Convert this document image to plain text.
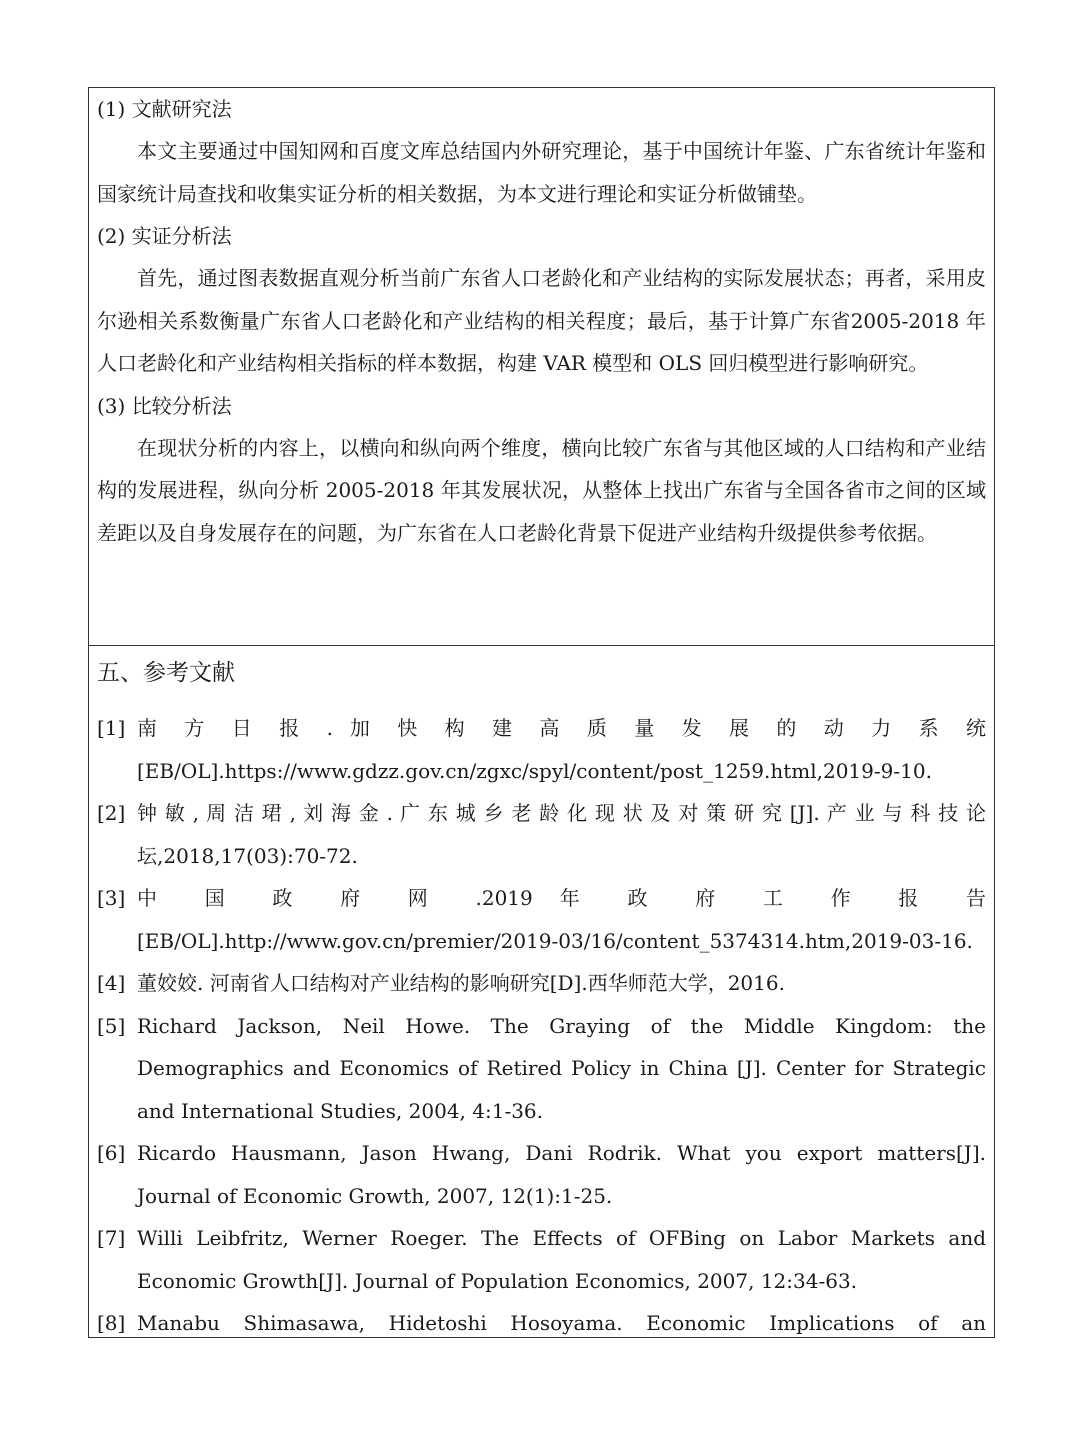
(1) 文献研究法

本文主要通过中国知网和百度文库总结国内外研究理论，基于中国统计年鉴、广东省统计年鉴和国家统计局查找和收集实证分析的相关数据，为本文进行理论和实证分析做铺垫。

(2) 实证分析法

首先，通过图表数据直观分析当前广东省人口老龄化和产业结构的实际发展状态；再者，采用皮尔逊相关系数衡量广东省人口老龄化和产业结构的相关程度；最后，基于计算广东省2005-2018 年人口老龄化和产业结构相关指标的样本数据，构建 VAR 模型和 OLS 回归模型进行影响研究。

(3) 比较分析法

在现状分析的内容上，以横向和纵向两个维度，横向比较广东省与其他区域的人口结构和产业结构的发展进程，纵向分析 2005-2018 年其发展状况，从整体上找出广东省与全国各省市之间的区域差距以及自身发展存在的问题，为广东省在人口老龄化背景下促进产业结构升级提供参考依据。

五、参考文献
[1] 南 方 日 报 . 加 快 构 建 高 质 量 发 展 的 动 力 系 统
[EB/OL].https://www.gdzz.gov.cn/zgxc/spyl/content/post_1259.html,2019-9-10.
[2] 钟 敏 , 周 洁 珺 , 刘 海 金 . 广 东 城 乡 老 龄 化 现 状 及 对 策 研 究 [J]. 产 业 与 科 技 论
坛,2018,17(03):70-72.
[3] 中 国 政 府 网 .2019 年 政 府 工 作 报 告
[EB/OL].http://www.gov.cn/premier/2019-03/16/content_5374314.htm,2019-03-16.
[4] 董姣姣. 河南省人口结构对产业结构的影响研究[D].西华师范大学，2016.
[5] Richard Jackson, Neil Howe. The Graying of the Middle Kingdom: the Demographics and Economics of Retired Policy in China [J]. Center for Strategic and International Studies, 2004, 4:1-36.
[6] Ricardo Hausmann, Jason Hwang, Dani Rodrik. What you export matters[J]. Journal of Economic Growth, 2007, 12(1):1-25.
[7] Willi Leibfritz, Werner Roeger. The Effects of OFBing on Labor Markets and Economic Growth[J]. Journal of Population Economics, 2007, 12:34-63.
[8] Manabu Shimasawa, Hidetoshi Hosoyama. Economic Implications of an
